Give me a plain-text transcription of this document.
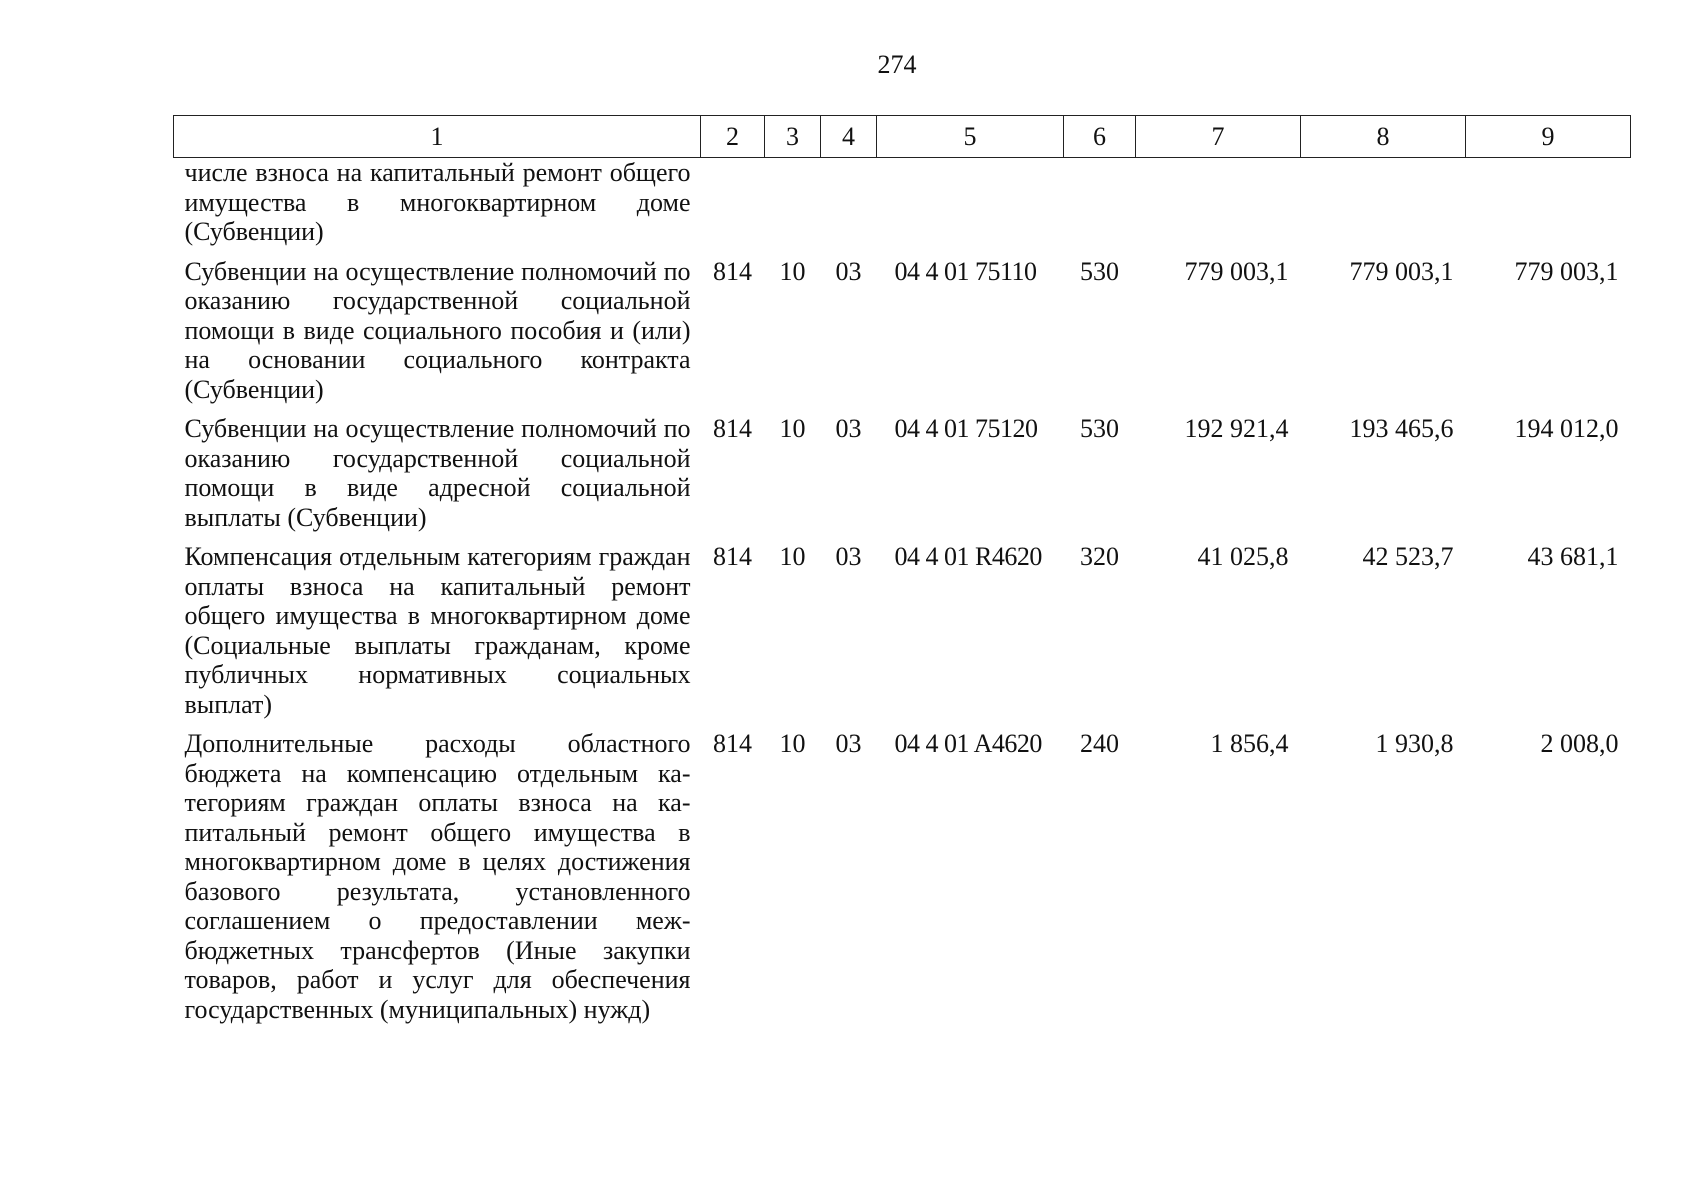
274
1	2	3	4	5	6	7	8	9
числе взноса на капитальный ремонт общего имущества в многоквартирном доме (Субвенции)								
Субвенции на осуществление полномочий по оказанию государственной социальной помощи в виде социального пособия и (или) на основании социального контракта (Субвенции)	814	10	03	04 4 01 75110	530	779 003,1	779 003,1	779 003,1
Субвенции на осуществление полномочий по оказанию государственной социальной помощи в виде адресной социальной выплаты (Субвенции)	814	10	03	04 4 01 75120	530	192 921,4	193 465,6	194 012,0
Компенсация отдельным категориям граждан оплаты взноса на капитальный ремонт общего имущества в многоквартирном доме (Социальные выплаты гражданам, кроме публичных нормативных социальных выплат)	814	10	03	04 4 01 R4620	320	41 025,8	42 523,7	43 681,1
Дополнительные расходы областного бюджета на компенсацию отдельным категориям граждан оплаты взноса на капитальный ремонт общего имущества в многоквартирном доме в целях достижения базового результата, установленного соглашением о предоставлении межбюджетных трансфертов (Иные закупки товаров, работ и услуг для обеспечения государственных (муниципальных) нужд)	814	10	03	04 4 01 A4620	240	1 856,4	1 930,8	2 008,0
